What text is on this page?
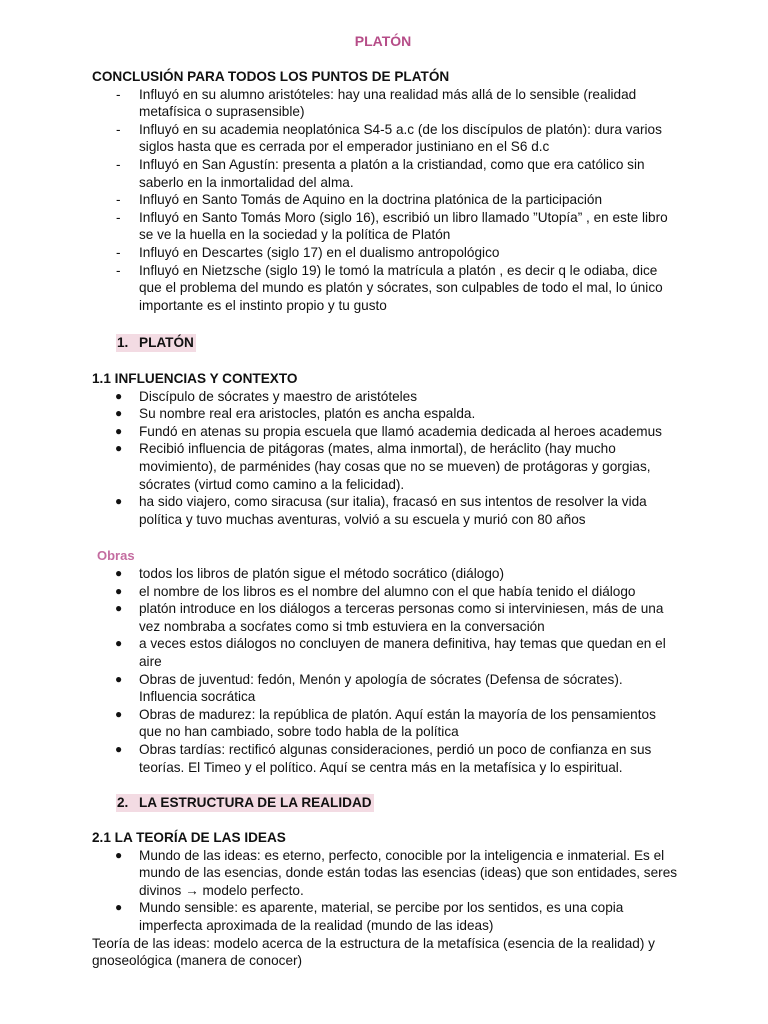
PLATÓN
CONCLUSIÓN PARA TODOS LOS PUNTOS DE PLATÓN
- Influyó en su alumno aristóteles: hay una realidad más allá de lo sensible (realidad metafísica o suprasensible)
- Influyó en su academia neoplatónica S4-5 a.c (de los discípulos de platón): dura varios siglos hasta que es cerrada por el emperador justiniano en el S6 d.c
- Influyó en San Agustín: presenta a platón a la cristiandad, como que era católico sin saberlo en la inmortalidad del alma.
- Influyó en Santo Tomás de Aquino en la doctrina platónica de la participación
- Influyó en Santo Tomás Moro (siglo 16), escribió un libro llamado ”Utopía” , en este libro se ve la huella en la sociedad y la política de Platón
- Influyó en Descartes (siglo 17) en el dualismo antropológico
- Influyó en Nietzsche (siglo 19) le tomó la matrícula a platón , es decir q le odiaba, dice que el problema del mundo es platón y sócrates, son culpables de todo el mal, lo único importante es el instinto propio y tu gusto
1. PLATÓN
1.1 INFLUENCIAS Y CONTEXTO
● Discípulo de sócrates y maestro de aristóteles
● Su nombre real era aristocles, platón es ancha espalda.
● Fundó en atenas su propia escuela que llamó academia dedicada al heroes academus
● Recibió influencia de pitágoras (mates, alma inmortal), de heráclito (hay mucho movimiento), de parménides (hay cosas que no se mueven) de protágoras y gorgias, sócrates (virtud como camino a la felicidad).
● ha sido viajero, como siracusa (sur italia), fracasó en sus intentos de resolver la vida política y tuvo muchas aventuras, volvió a su escuela y murió con 80 años
Obras
● todos los libros de platón sigue el método socrático (diálogo)
● el nombre de los libros es el nombre del alumno con el que había tenido el diálogo
● platón introduce en los diálogos a terceras personas como si interviniesen, más de una vez nombraba a socŕates como si tmb estuviera en la conversación
● a veces estos diálogos no concluyen de manera definitiva, hay temas que quedan en el aire
● Obras de juventud: fedón, Menón y apología de sócrates (Defensa de sócrates). Influencia socrática
● Obras de madurez: la república de platón. Aquí están la mayoría de los pensamientos que no han cambiado, sobre todo habla de la política
● Obras tardías: rectificó algunas consideraciones, perdió un poco de confianza en sus teorías. El Timeo y el político. Aquí se centra más en la metafísica y lo espiritual.
2. LA ESTRUCTURA DE LA REALIDAD
2.1 LA TEORÍA DE LAS IDEAS
● Mundo de las ideas: es eterno, perfecto, conocible por la inteligencia e inmaterial. Es el mundo de las esencias, donde están todas las esencias (ideas) que son entidades, seres divinos → modelo perfecto.
● Mundo sensible: es aparente, material, se percibe por los sentidos, es una copia imperfecta aproximada de la realidad (mundo de las ideas)
Teoría de las ideas: modelo acerca de la estructura de la metafísica (esencia de la realidad) y gnoseológica (manera de conocer)
